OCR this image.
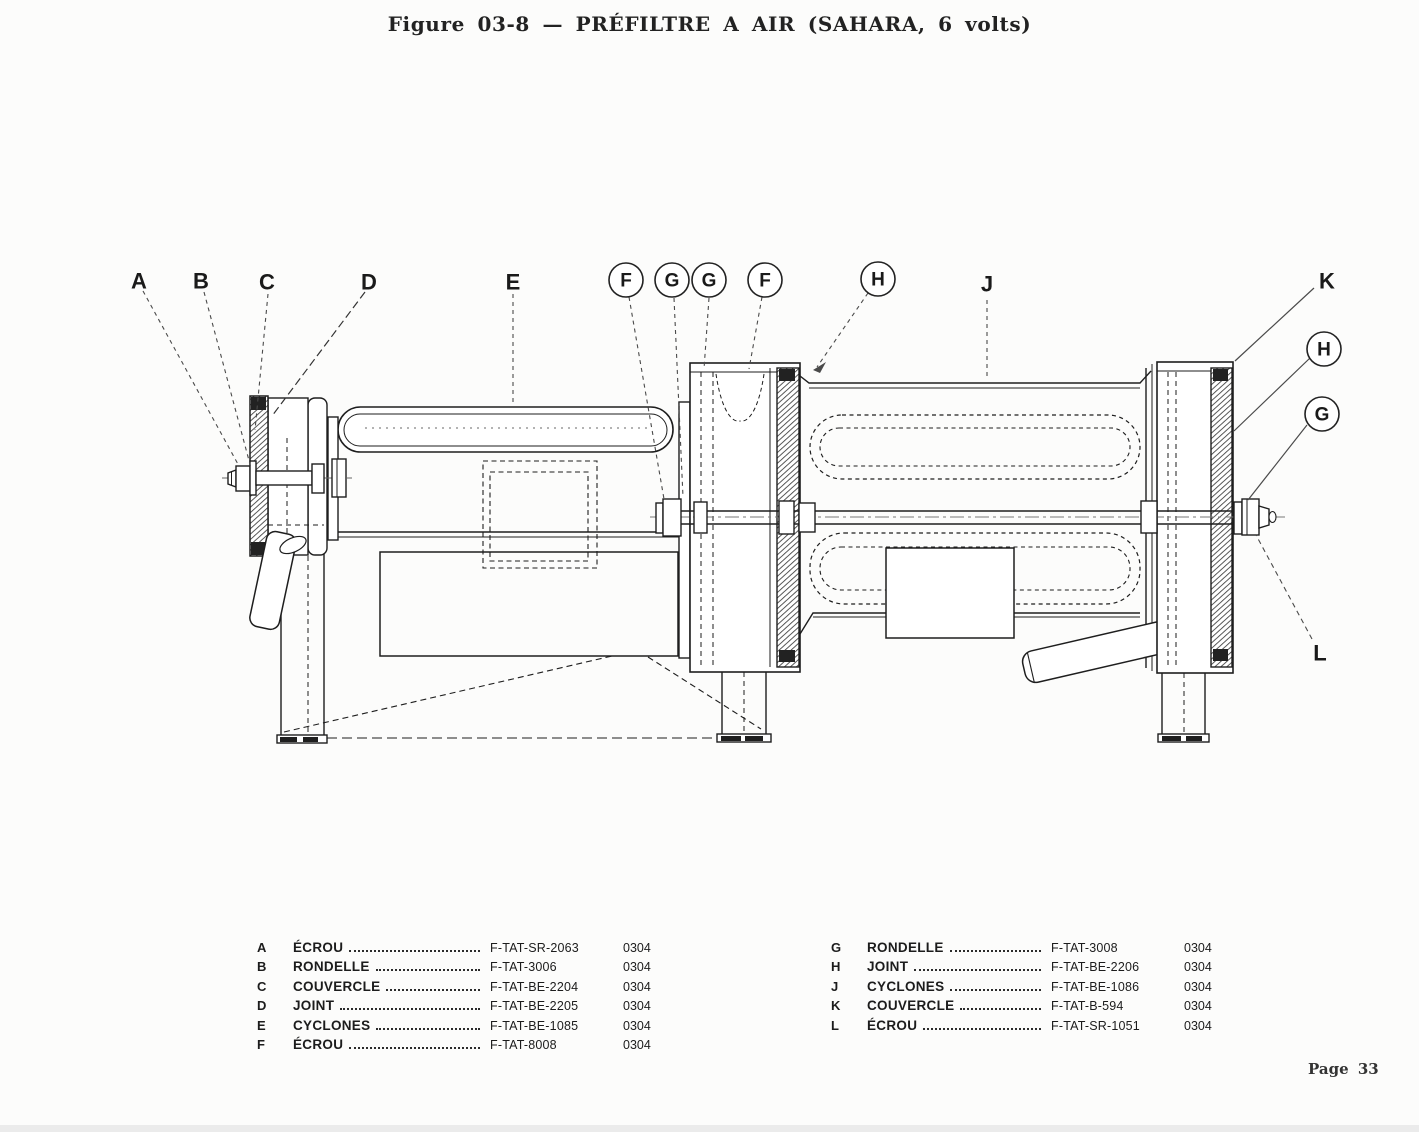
Figure 03-8 — PRÉFILTRE A AIR (SAHARA, 6 volts)
A B C	D	E	F G G F	H	J	K
H
G
L
A	ÉCROU	F-TAT-SR-2063	0304
B	RONDELLE	F-TAT-3006	0304
C	COUVERCLE	F-TAT-BE-2204	0304
D	JOINT	F-TAT-BE-2205	0304
E	CYCLONES	F-TAT-BE-1085	0304
F	ÉCROU	F-TAT-8008	0304
G	RONDELLE	F-TAT-3008	0304
H	JOINT	F-TAT-BE-2206	0304
J	CYCLONES	F-TAT-BE-1086	0304
K	COUVERCLE	F-TAT-B-594	0304
L	ÉCROU	F-TAT-SR-1051	0304
Page 33
